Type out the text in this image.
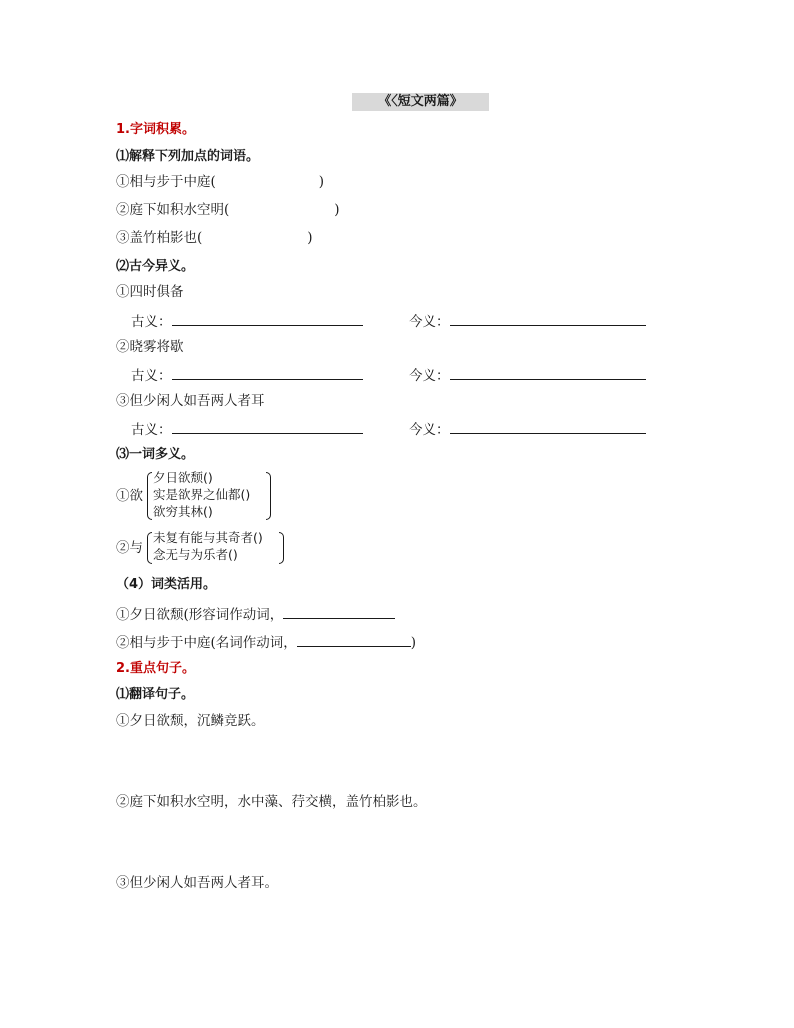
《〈短文两篇》
1.字词积累。
⑴解释下列加点的词语。
①相与步于中庭(	)
②庭下如积水空明(	)
③盖竹柏影也(	)
⑵古今异义。
①四时俱备
古义：	今义：
②晓雾将歇
古义：	今义：
③但少闲人如吾两人者耳
古义：	今义：
⑶一词多义。
①欲
夕日欲颓()
实是欲界之仙都()
欲穷其林()
②与
未复有能与其奇者()
念无与为乐者()
（4）词类活用。
①夕日欲颓(形容词作动词，
②相与步于中庭(名词作动词，	)
2.重点句子。
⑴翻译句子。
①夕日欲颓，沉鳞竞跃。
②庭下如积水空明，水中藻、荇交横，盖竹柏影也。
③但少闲人如吾两人者耳。
